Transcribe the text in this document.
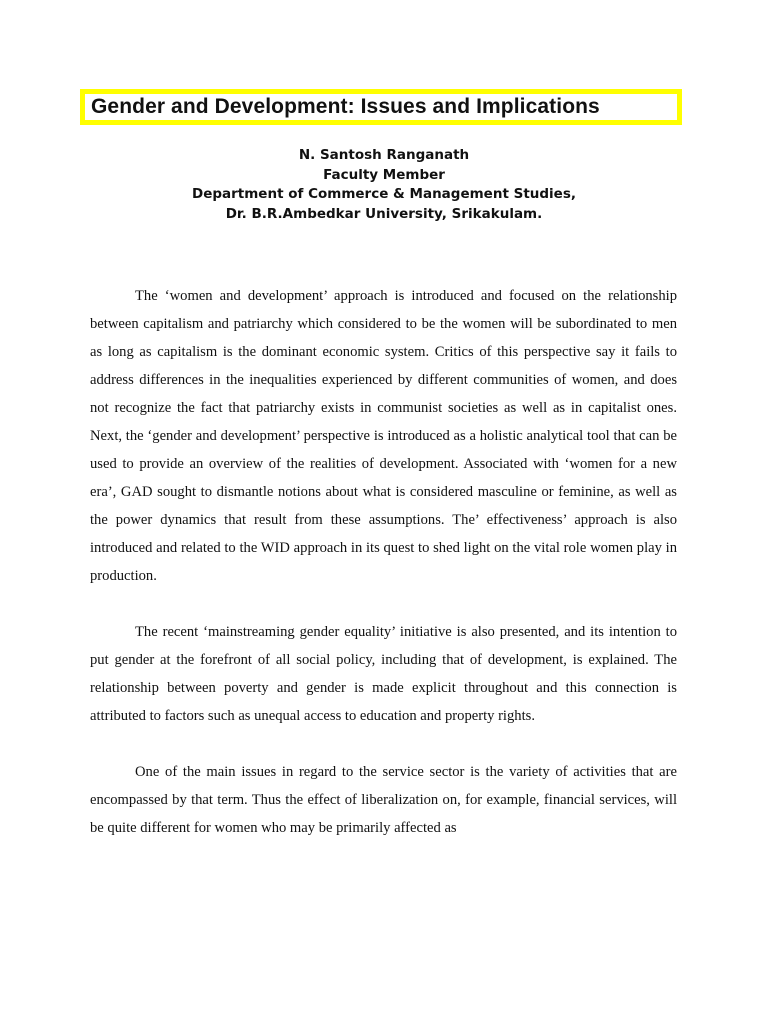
Gender and Development: Issues and Implications
N. Santosh Ranganath
Faculty Member
Department of Commerce & Management Studies,
Dr. B.R.Ambedkar University, Srikakulam.

The ‘women and development’ approach is introduced and focused on the relationship between capitalism and patriarchy which considered to be the women will be subordinated to men as long as capitalism is the dominant economic system. Critics of this perspective say it fails to address differences in the inequalities experienced by different communities of women, and does not recognize the fact that patriarchy exists in communist societies as well as in capitalist ones. Next, the ‘gender and development’ perspective is introduced as a holistic analytical tool that can be used to provide an overview of the realities of development. Associated with ‘women for a new era’, GAD sought to dismantle notions about what is considered masculine or feminine, as well as the power dynamics that result from these assumptions. The’ effectiveness’ approach is also introduced and related to the WID approach in its quest to shed light on the vital role women play in production.

The recent ‘mainstreaming gender equality’ initiative is also presented, and its intention to put gender at the forefront of all social policy, including that of development, is explained. The relationship between poverty and gender is made explicit throughout and this connection is attributed to factors such as unequal access to education and property rights.

One of the main issues in regard to the service sector is the variety of activities that are encompassed by that term. Thus the effect of liberalization on, for example, financial services, will be quite different for women who may be primarily affected as
